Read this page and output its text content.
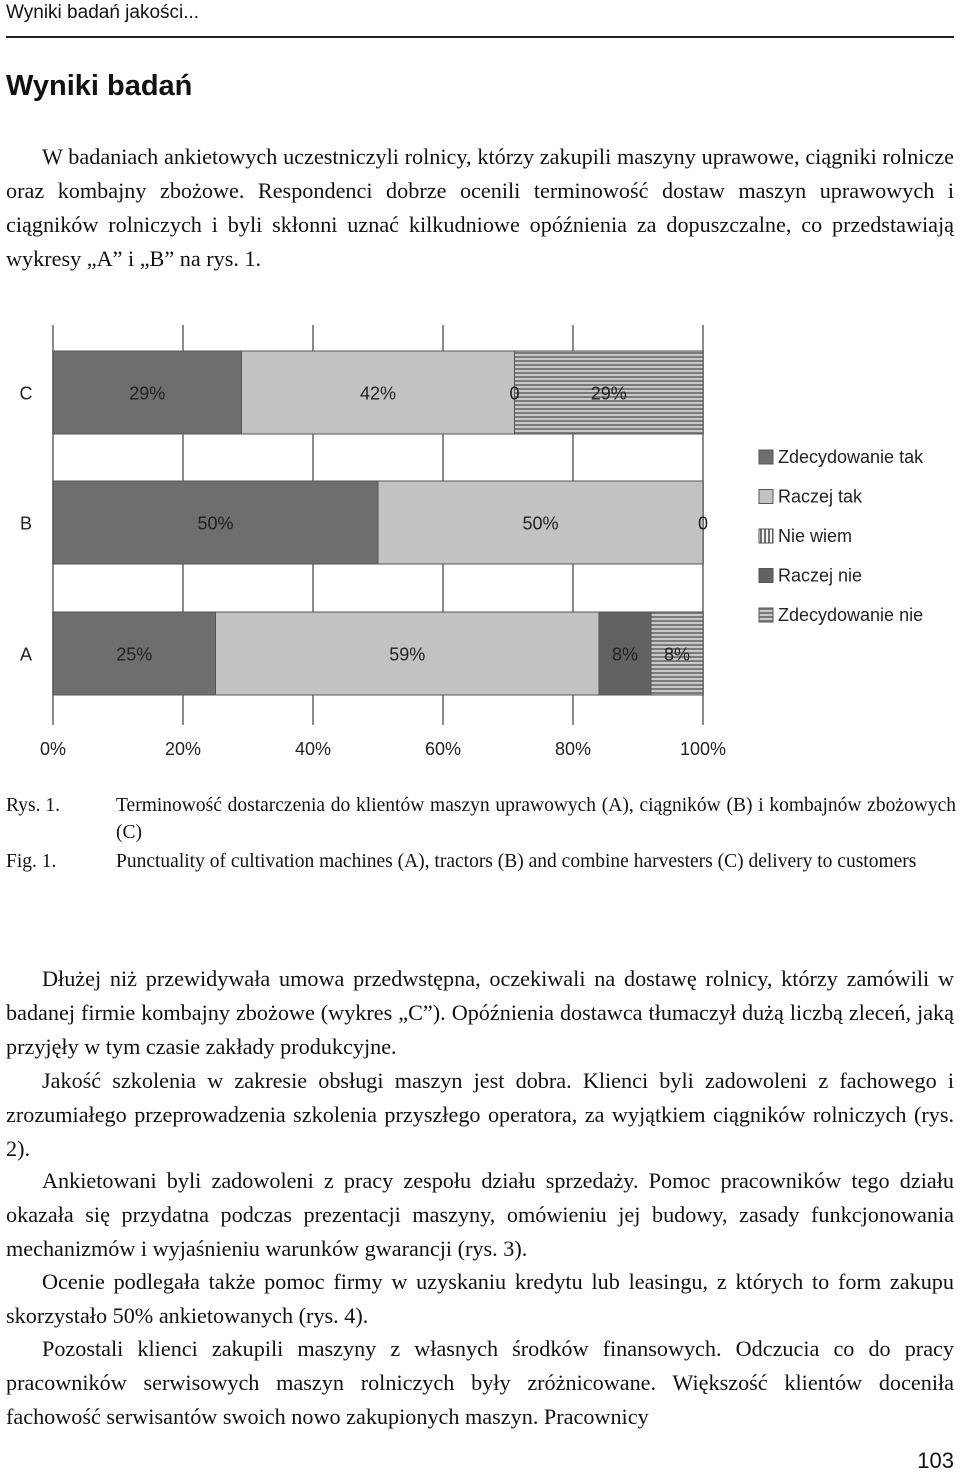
Wyniki badań jakości...
Wyniki badań

W badaniach ankietowych uczestniczyli rolnicy, którzy zakupili maszyny uprawowe, ciągniki rolnicze oraz kombajny zbożowe. Respondenci dobrze ocenili terminowość dostaw maszyn uprawowych i ciągników rolniczych i byli skłonni uznać kilkudniowe opóźnienia za dopuszczalne, co przedstawiają wykresy „A” i „B” na rys. 1.

29%	42%	0	29%
50%	50%	0
25%	59%	8% 8%
C
B
A
0%	20%	40%	60%	80%	100%
Zdecydowanie tak
Raczej tak
Nie wiem
Raczej nie
Zdecydowanie nie
Rys. 1.	Terminowość dostarczenia do klientów maszyn uprawowych (A), ciągników (B) i kombajnów zbożowych (C)
Fig. 1.	Punctuality of cultivation machines (A), tractors (B) and combine harvesters (C) delivery to customers

Dłużej niż przewidywała umowa przedwstępna, oczekiwali na dostawę rolnicy, którzy zamówili w badanej firmie kombajny zbożowe (wykres „C”). Opóźnienia dostawca tłumaczył dużą liczbą zleceń, jaką przyjęły w tym czasie zakłady produkcyjne.

Jakość szkolenia w zakresie obsługi maszyn jest dobra. Klienci byli zadowoleni z fachowego i zrozumiałego przeprowadzenia szkolenia przyszłego operatora, za wyjątkiem ciągników rolniczych (rys. 2).

Ankietowani byli zadowoleni z pracy zespołu działu sprzedaży. Pomoc pracowników tego działu okazała się przydatna podczas prezentacji maszyny, omówieniu jej budowy, zasady funkcjonowania mechanizmów i wyjaśnieniu warunków gwarancji (rys. 3).

Ocenie podlegała także pomoc firmy w uzyskaniu kredytu lub leasingu, z których to form zakupu skorzystało 50% ankietowanych (rys. 4).

Pozostali klienci zakupili maszyny z własnych środków finansowych. Odczucia co do pracy pracowników serwisowych maszyn rolniczych były zróżnicowane. Większość klientów doceniła fachowość serwisantów swoich nowo zakupionych maszyn. Pracownicy

103
